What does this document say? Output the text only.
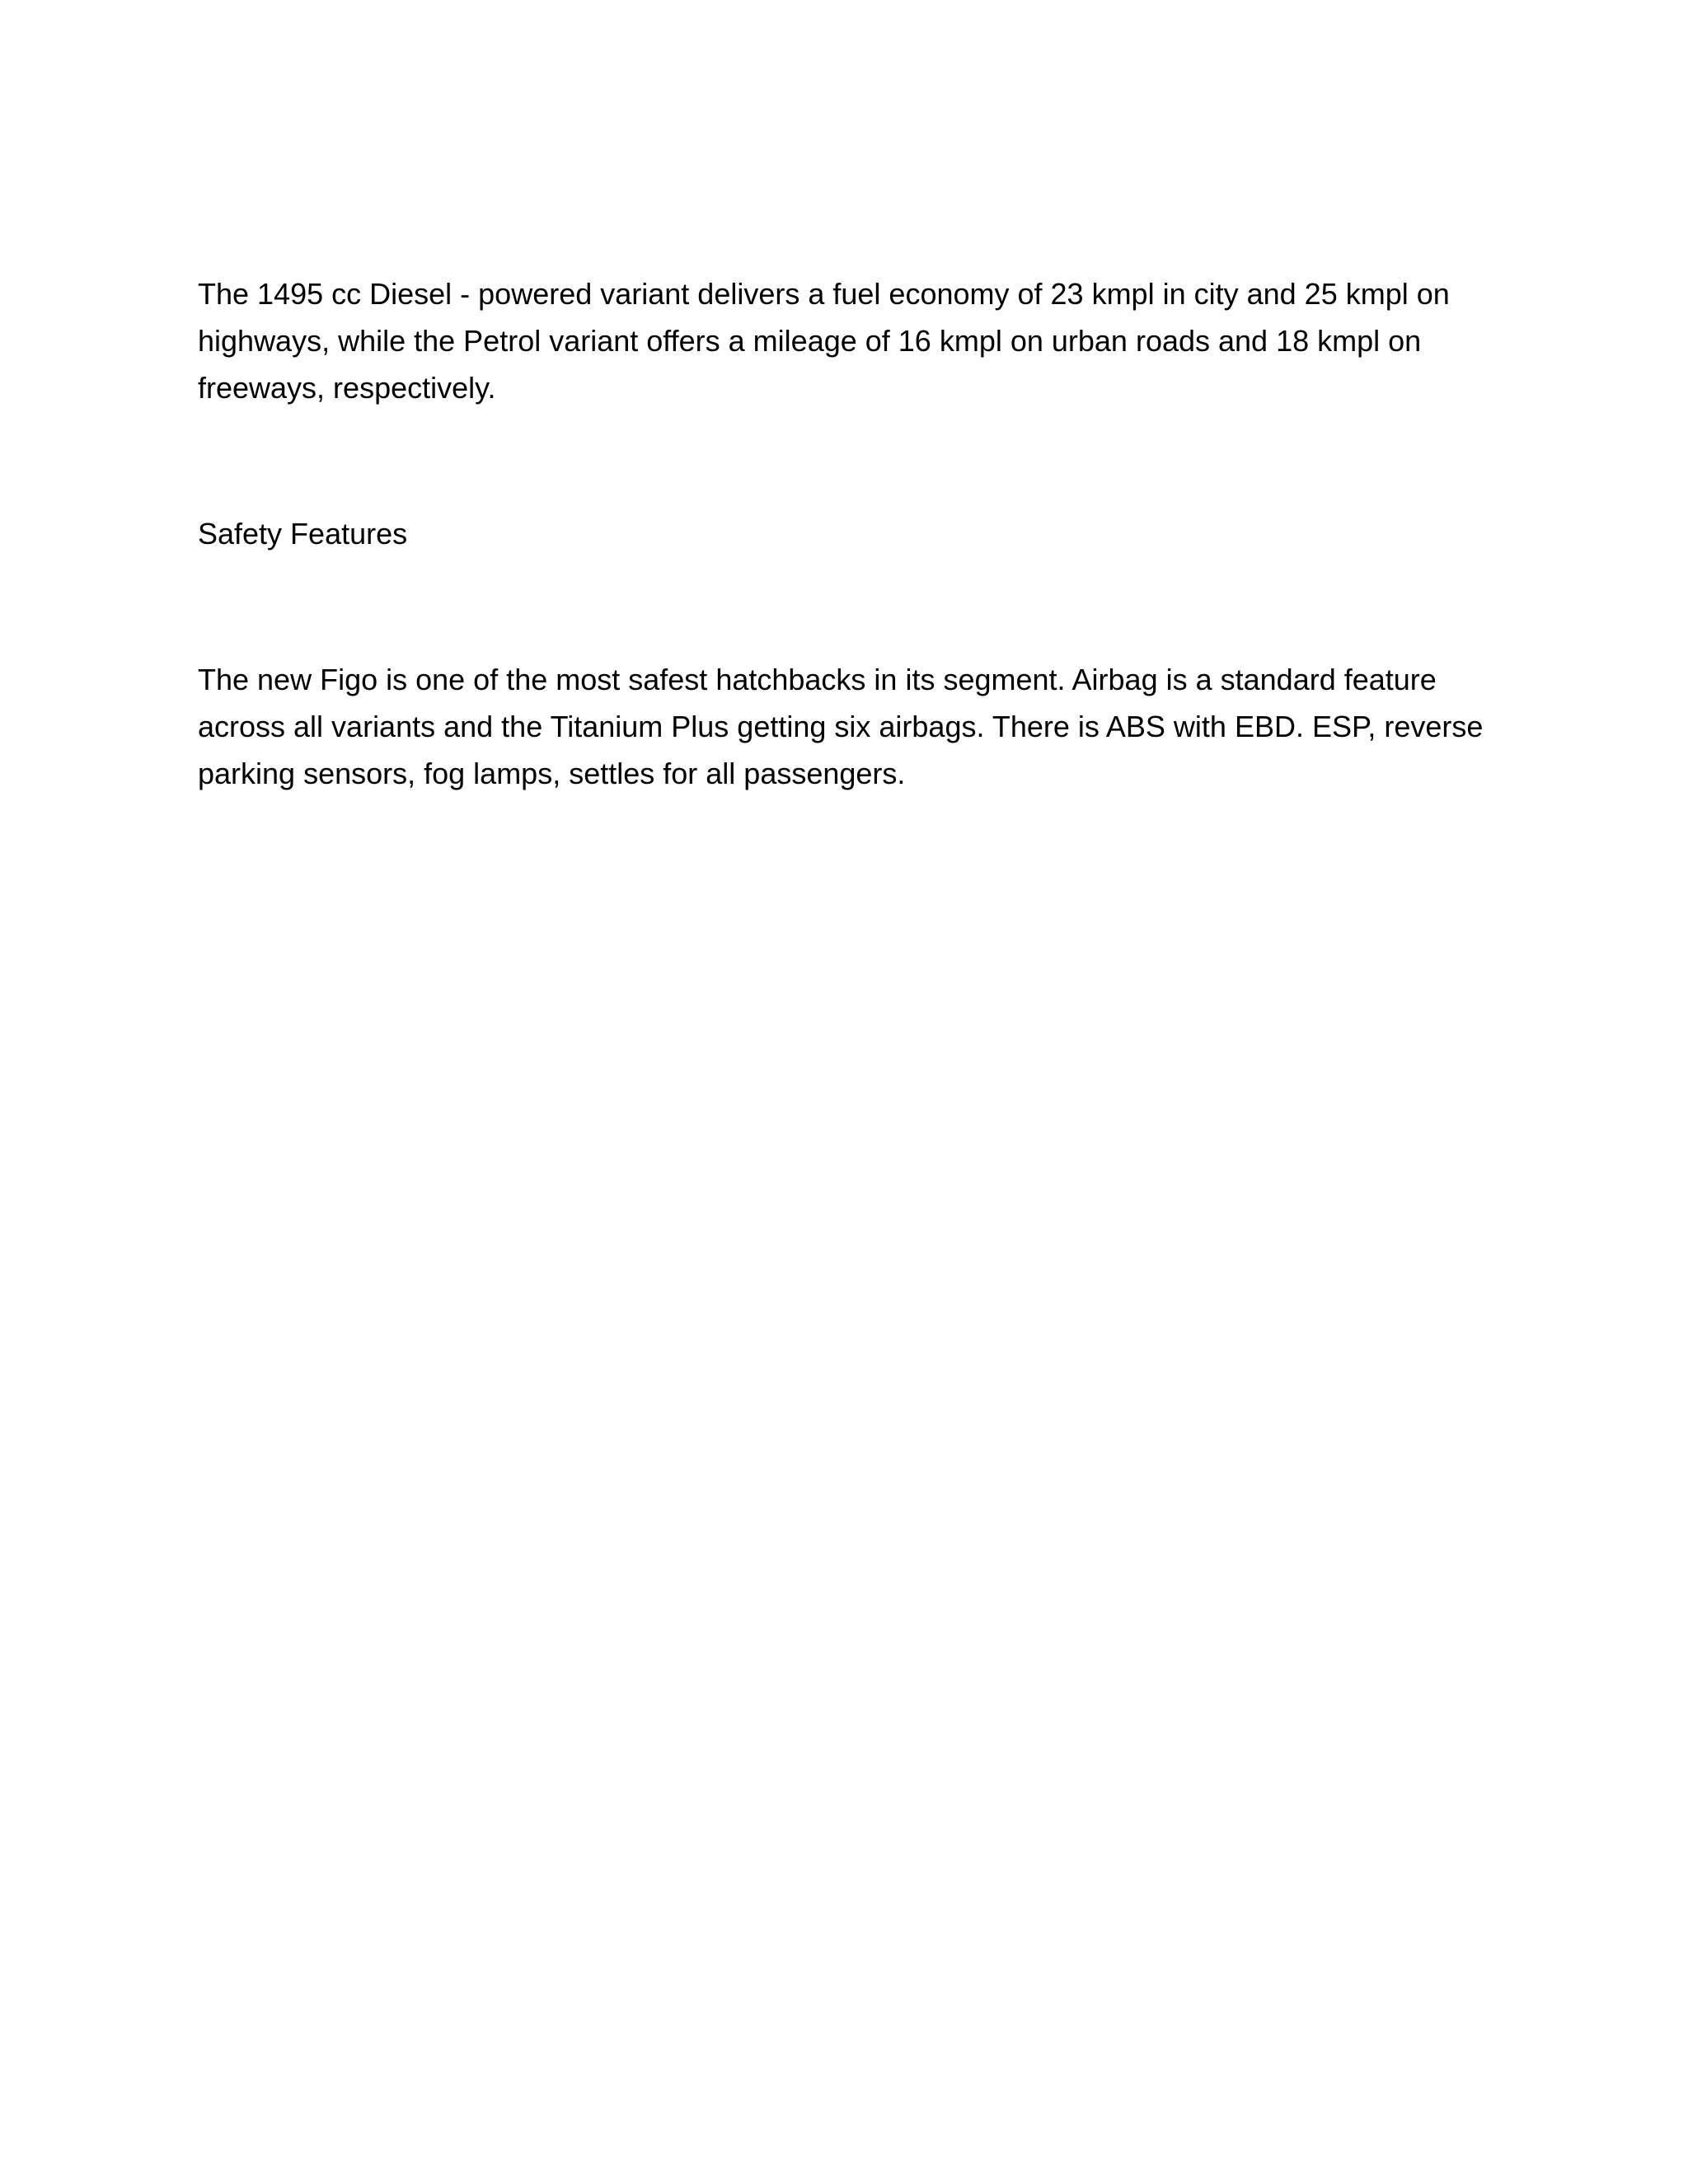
The 1495 cc Diesel - powered variant delivers a fuel economy of 23 kmpl in city and 25 kmpl on highways, while the Petrol variant offers a mileage of 16 kmpl on urban roads and 18 kmpl on freeways, respectively.

Safety Features

The new Figo is one of the most safest hatchbacks in its segment. Airbag is a standard feature across all variants and the Titanium Plus getting six airbags. There is ABS with EBD. ESP, reverse parking sensors, fog lamps, settles for all passengers.
